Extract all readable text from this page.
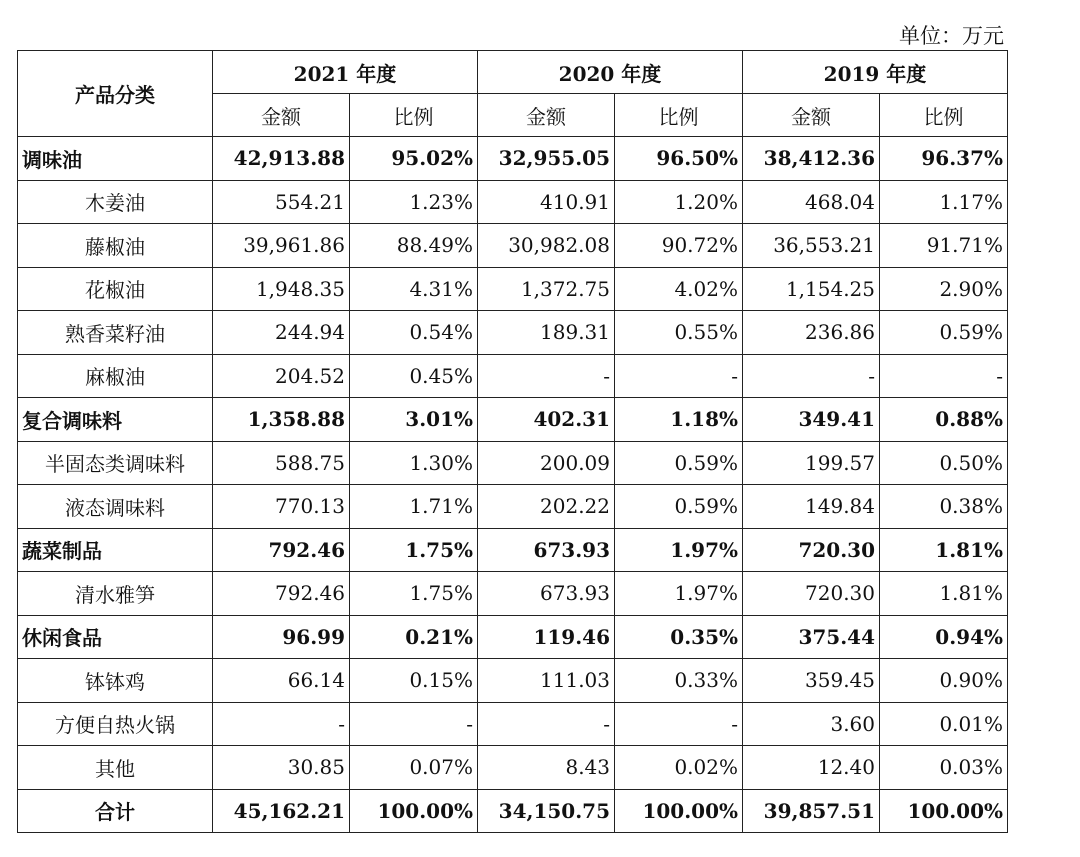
单位：万元
产品分类	2021 年度		2020 年度		2019 年度	
	金额	比例	金额	比例	金额	比例
调味油	42,913.88	95.02%	32,955.05	96.50%	38,412.36	96.37%
木姜油	554.21	1.23%	410.91	1.20%	468.04	1.17%
藤椒油	39,961.86	88.49%	30,982.08	90.72%	36,553.21	91.71%
花椒油	1,948.35	4.31%	1,372.75	4.02%	1,154.25	2.90%
熟香菜籽油	244.94	0.54%	189.31	0.55%	236.86	0.59%
麻椒油	204.52	0.45%	-	-	-	-
复合调味料	1,358.88	3.01%	402.31	1.18%	349.41	0.88%
半固态类调味料	588.75	1.30%	200.09	0.59%	199.57	0.50%
液态调味料	770.13	1.71%	202.22	0.59%	149.84	0.38%
蔬菜制品	792.46	1.75%	673.93	1.97%	720.30	1.81%
清水雅笋	792.46	1.75%	673.93	1.97%	720.30	1.81%
休闲食品	96.99	0.21%	119.46	0.35%	375.44	0.94%
钵钵鸡	66.14	0.15%	111.03	0.33%	359.45	0.90%
方便自热火锅	-	-	-	-	3.60	0.01%
其他	30.85	0.07%	8.43	0.02%	12.40	0.03%
合计	45,162.21	100.00%	34,150.75	100.00%	39,857.51	100.00%
